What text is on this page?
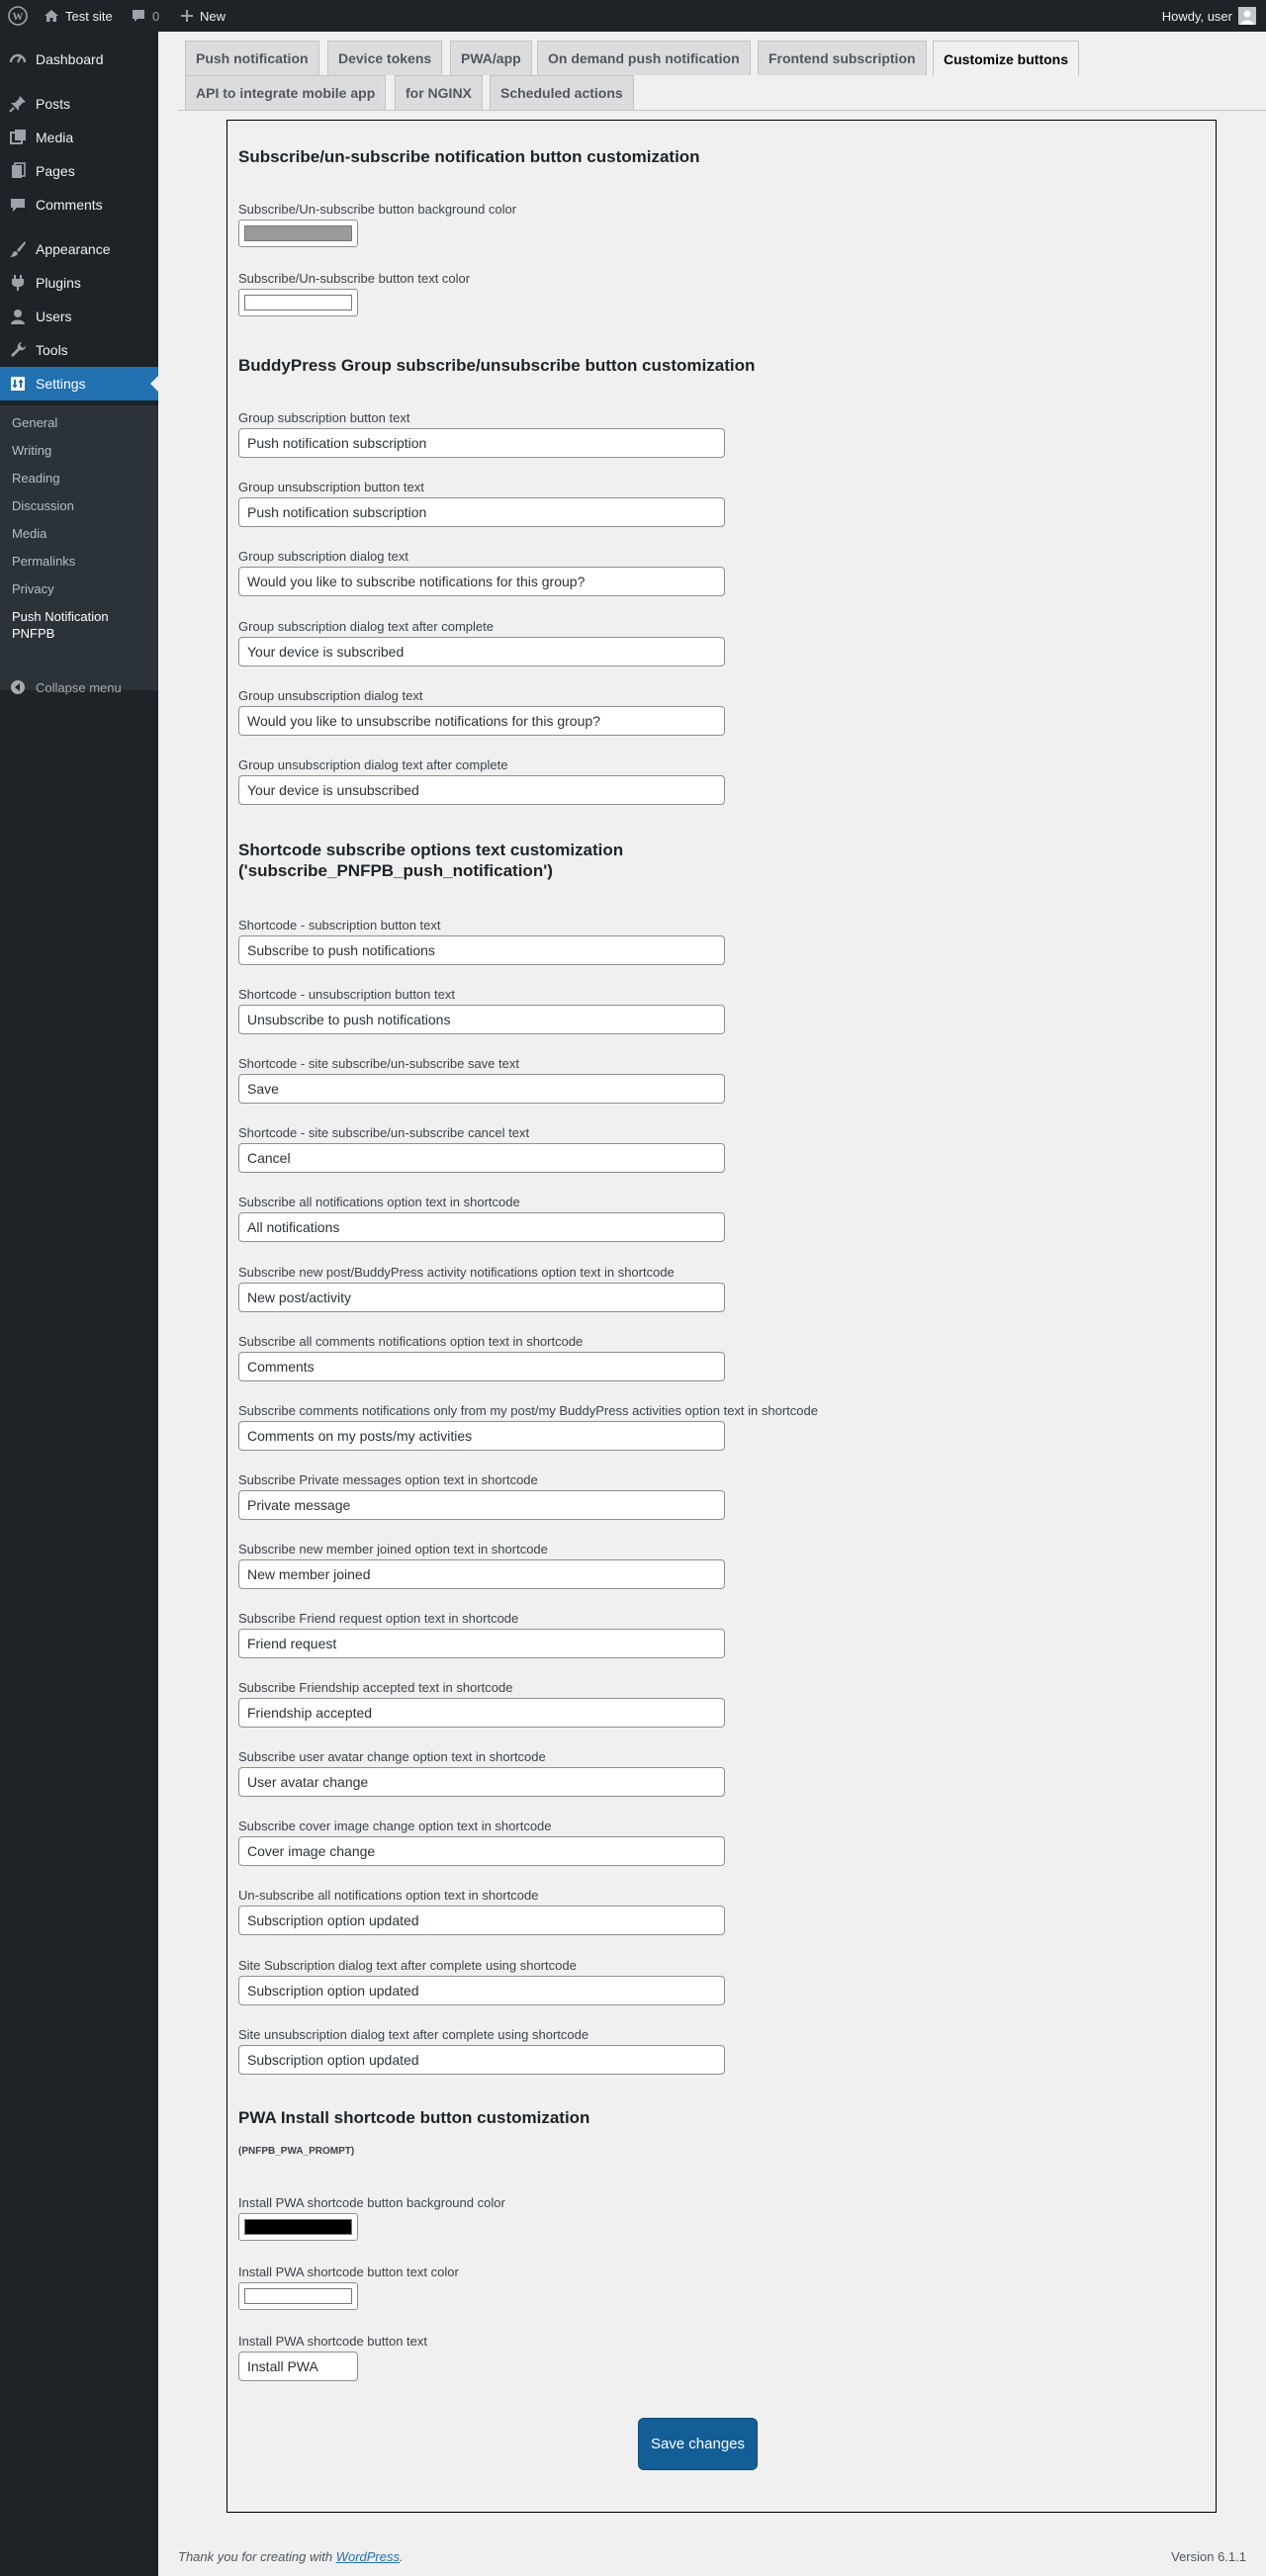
W	Test site	0	New	Howdy, user
Dashboard
Posts
Media
Pages
Comments
Appearance
Plugins
Users
Tools
Settings
General
Writing
Reading
Discussion
Media
Permalinks
Privacy
Push Notification
PNFPB
Collapse menu
Push notification	Device tokens	PWA/app	On demand push notification	Frontend subscription	Customize buttons
API to integrate mobile app	for NGINX	Scheduled actions
Subscribe/un-subscribe notification button customization
Subscribe/Un-subscribe button background color
Subscribe/Un-subscribe button text color
BuddyPress Group subscribe/unsubscribe button customization
Group subscription button text
Push notification subscription
Group unsubscription button text
Push notification subscription
Group subscription dialog text
Would you like to subscribe notifications for this group?
Group subscription dialog text after complete
Your device is subscribed
Group unsubscription dialog text
Would you like to unsubscribe notifications for this group?
Group unsubscription dialog text after complete
Your device is unsubscribed
Shortcode subscribe options text customization
('subscribe_PNFPB_push_notification')
Shortcode - subscription button text
Subscribe to push notifications
Shortcode - unsubscription button text
Unsubscribe to push notifications
Shortcode - site subscribe/un-subscribe save text
Save
Shortcode - site subscribe/un-subscribe cancel text
Cancel
Subscribe all notifications option text in shortcode
All notifications
Subscribe new post/BuddyPress activity notifications option text in shortcode
New post/activity
Subscribe all comments notifications option text in shortcode
Comments
Subscribe comments notifications only from my post/my BuddyPress activities option text in shortcode
Comments on my posts/my activities
Subscribe Private messages option text in shortcode
Private message
Subscribe new member joined option text in shortcode
New member joined
Subscribe Friend request option text in shortcode
Friend request
Subscribe Friendship accepted text in shortcode
Friendship accepted
Subscribe user avatar change option text in shortcode
User avatar change
Subscribe cover image change option text in shortcode
Cover image change
Un-subscribe all notifications option text in shortcode
Subscription option updated
Site Subscription dialog text after complete using shortcode
Subscription option updated
Site unsubscription dialog text after complete using shortcode
Subscription option updated
PWA Install shortcode button customization
(PNFPB_PWA_PROMPT)
Install PWA shortcode button background color
Install PWA shortcode button text color
Install PWA shortcode button text
Install PWA
Save changes
Thank you for creating with WordPress.	Version 6.1.1
